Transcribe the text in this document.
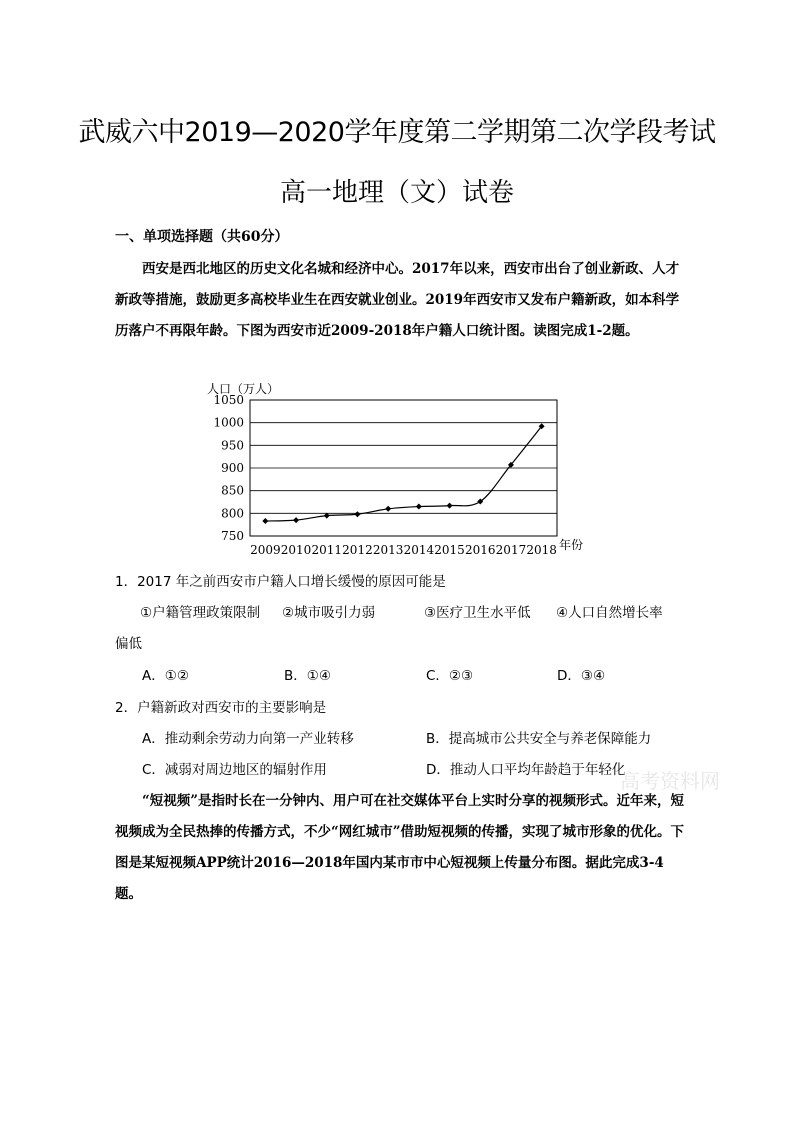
武威六中2019—2020学年度第二学期第二次学段考试
高一地理（文）试卷
一、单项选择题（共60分）

西安是西北地区的历史文化名城和经济中心。2017年以来，西安市出台了创业新政、人才新政等措施，鼓励更多高校毕业生在西安就业创业。2019年西安市又发布户籍新政，如本科学历落户不再限年龄。下图为西安市近2009-2018年户籍人口统计图。读图完成1-2题。

人口（万人）
750
800
850
900
950
1000
1050
2009 2010 2011 2012 2013 2014 2015 2016 2017 2018 年份
1．2017 年之前西安市户籍人口增长缓慢的原因可能是
①户籍管理政策限制 ②城市吸引力弱	③医疗卫生水平低 ④人口自然增长率
偏低
A．①②	B．①④	C．②③	D．③④
2．户籍新政对西安市的主要影响是
A．推动剩余劳动力向第一产业转移	B．提高城市公共安全与养老保障能力
C．减弱对周边地区的辐射作用	D．推动人口平均年龄趋于年轻化
高考资料网

“短视频”是指时长在一分钟内、用户可在社交媒体平台上实时分享的视频形式。近年来，短视频成为全民热捧的传播方式，不少“网红城市”借助短视频的传播，实现了城市形象的优化。下图是某短视频APP统计2016—2018年国内某市市中心短视频上传量分布图。据此完成3-4题。
